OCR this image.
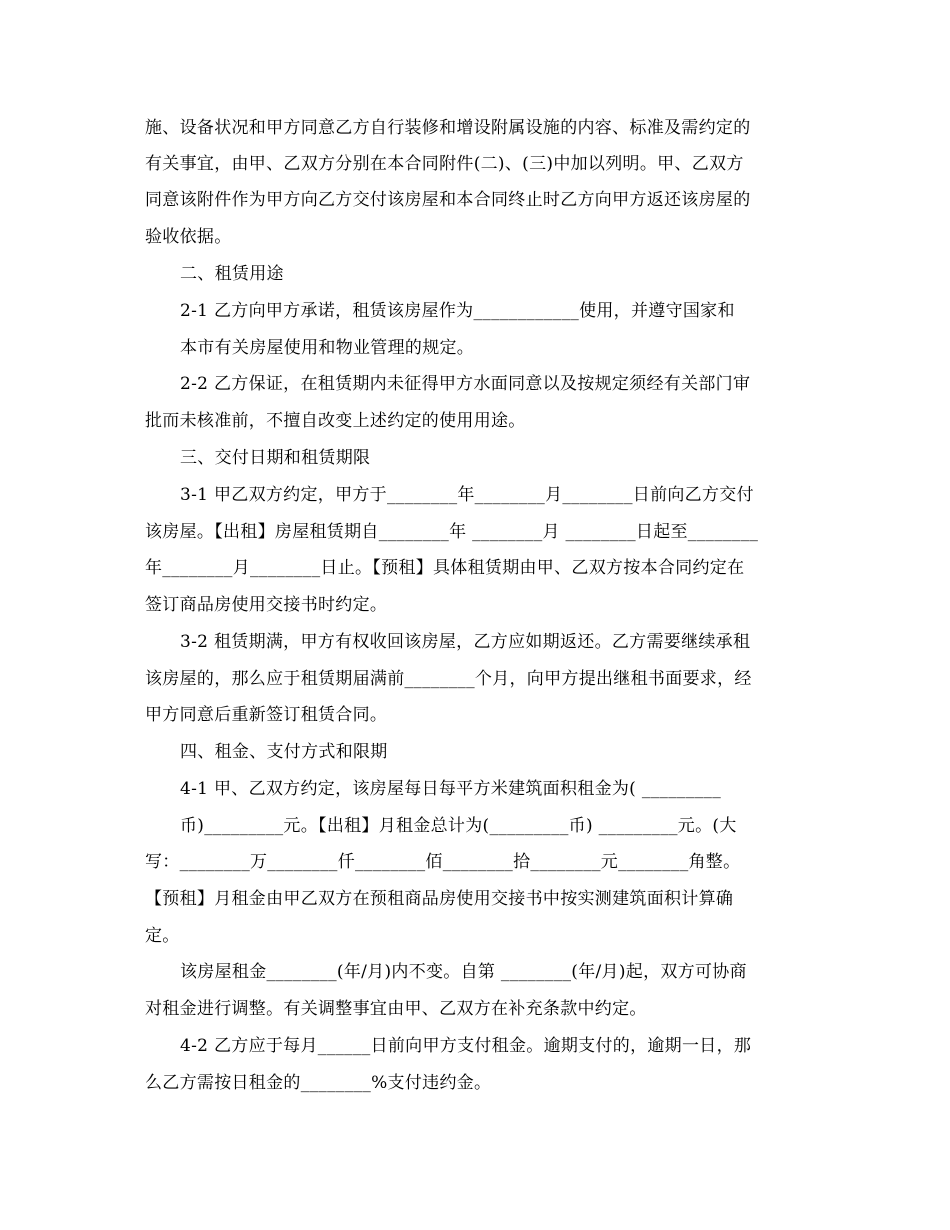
施、设备状况和甲方同意乙方自行装修和增设附属设施的内容、标准及需约定的
有关事宜，由甲、乙双方分别在本合同附件(二)、(三)中加以列明。甲、乙双方
同意该附件作为甲方向乙方交付该房屋和本合同终止时乙方向甲方返还该房屋的
验收依据。
二、租赁用途
2-1 乙方向甲方承诺，租赁该房屋作为____________使用，并遵守国家和
本市有关房屋使用和物业管理的规定。
2-2 乙方保证，在租赁期内未征得甲方水面同意以及按规定须经有关部门审
批而未核准前，不擅自改变上述约定的使用用途。
三、交付日期和租赁期限
3-1 甲乙双方约定，甲方于________年________月________日前向乙方交付
该房屋。【出租】房屋租赁期自________年 ________月 ________日起至________
年________月________日止。【预租】具体租赁期由甲、乙双方按本合同约定在
签订商品房使用交接书时约定。
3-2 租赁期满，甲方有权收回该房屋，乙方应如期返还。乙方需要继续承租
该房屋的，那么应于租赁期届满前________个月，向甲方提出继租书面要求，经
甲方同意后重新签订租赁合同。
四、租金、支付方式和限期
4-1 甲、乙双方约定，该房屋每日每平方米建筑面积租金为( _________
币)_________元。【出租】月租金总计为(_________币) _________元。(大
写：________万________仟________佰________拾________元________角整。
【预租】月租金由甲乙双方在预租商品房使用交接书中按实测建筑面积计算确
定。
该房屋租金________(年/月)内不变。自第 ________(年/月)起，双方可协商
对租金进行调整。有关调整事宜由甲、乙双方在补充条款中约定。
4-2 乙方应于每月______日前向甲方支付租金。逾期支付的，逾期一日，那
么乙方需按日租金的________%支付违约金。
